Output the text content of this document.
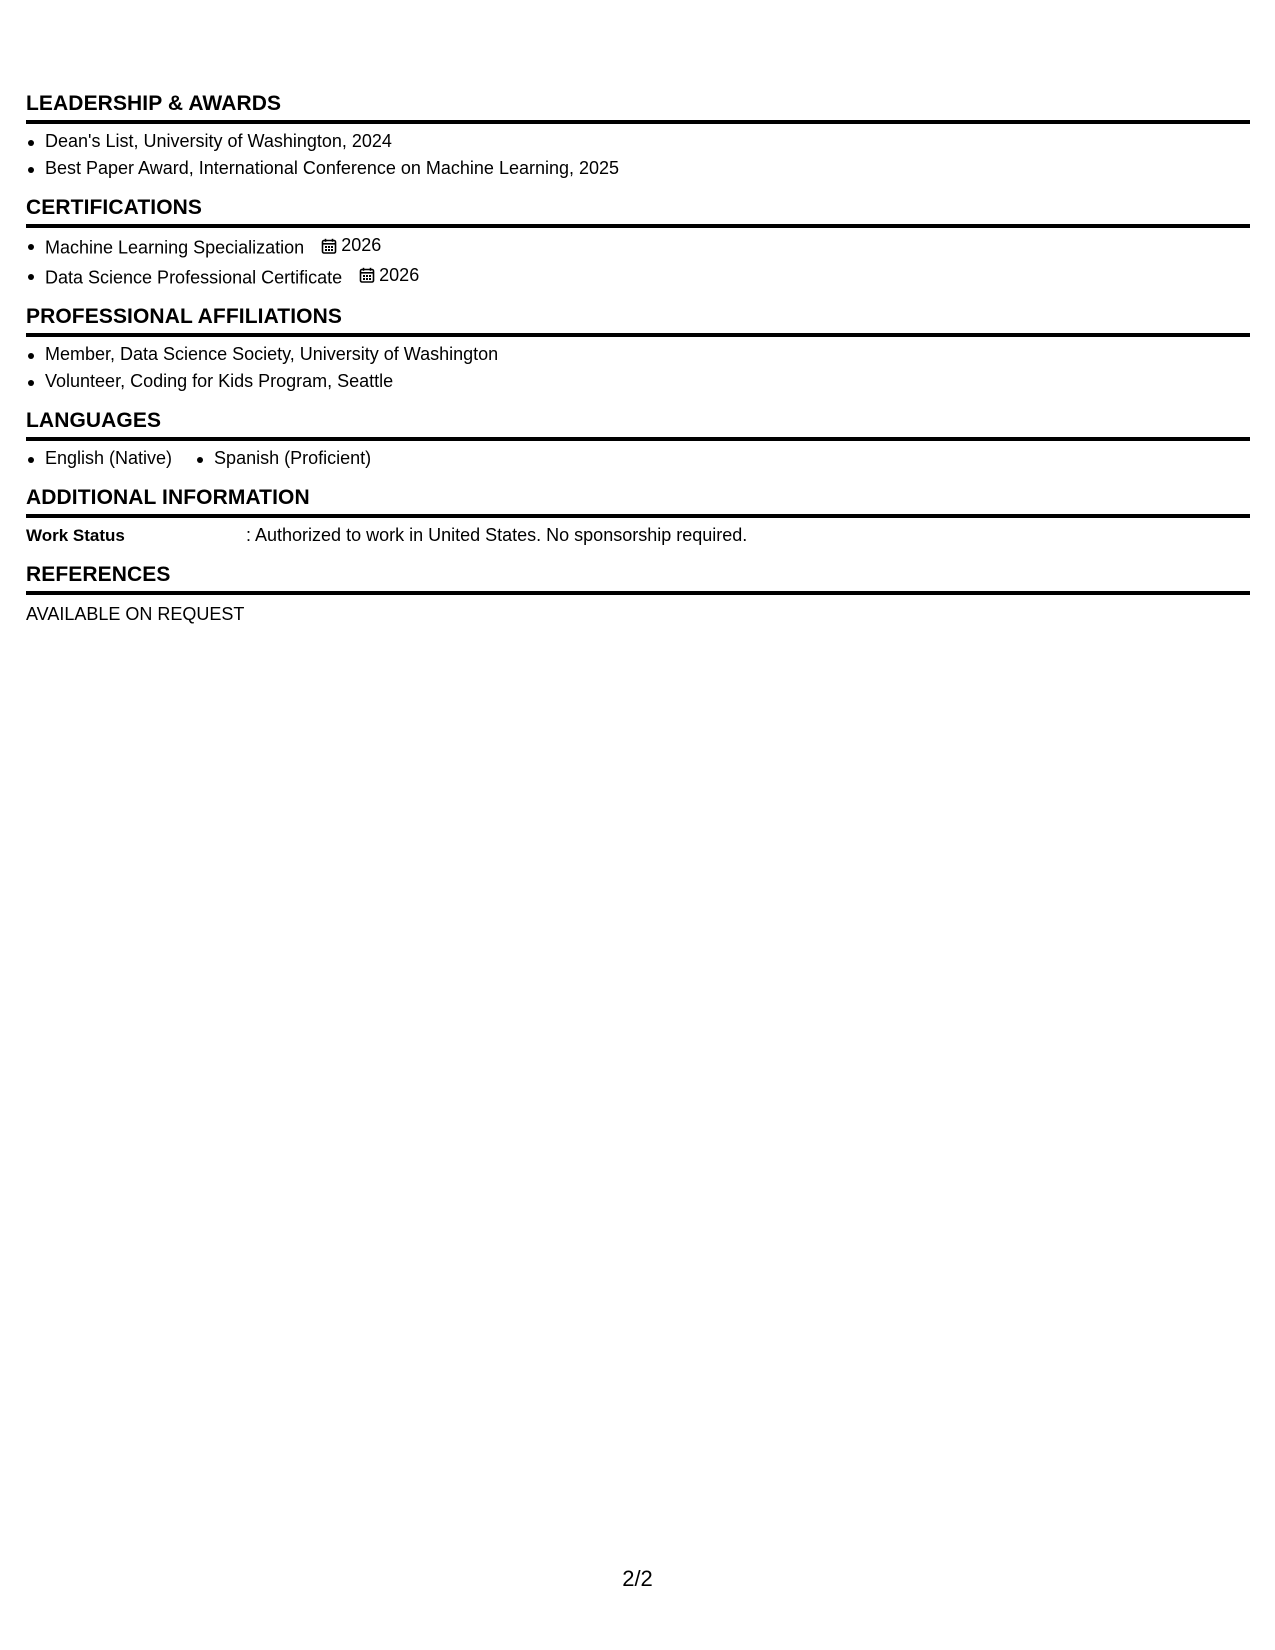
LEADERSHIP & AWARDS
Dean's List, University of Washington, 2024
Best Paper Award, International Conference on Machine Learning, 2025
CERTIFICATIONS
Machine Learning Specialization 2026
Data Science Professional Certificate 2026
PROFESSIONAL AFFILIATIONS
Member, Data Science Society, University of Washington
Volunteer, Coding for Kids Program, Seattle
LANGUAGES
English (Native) Spanish (Proficient)
ADDITIONAL INFORMATION
Work Status	: Authorized to work in United States. No sponsorship required.
REFERENCES
AVAILABLE ON REQUEST
2/2
